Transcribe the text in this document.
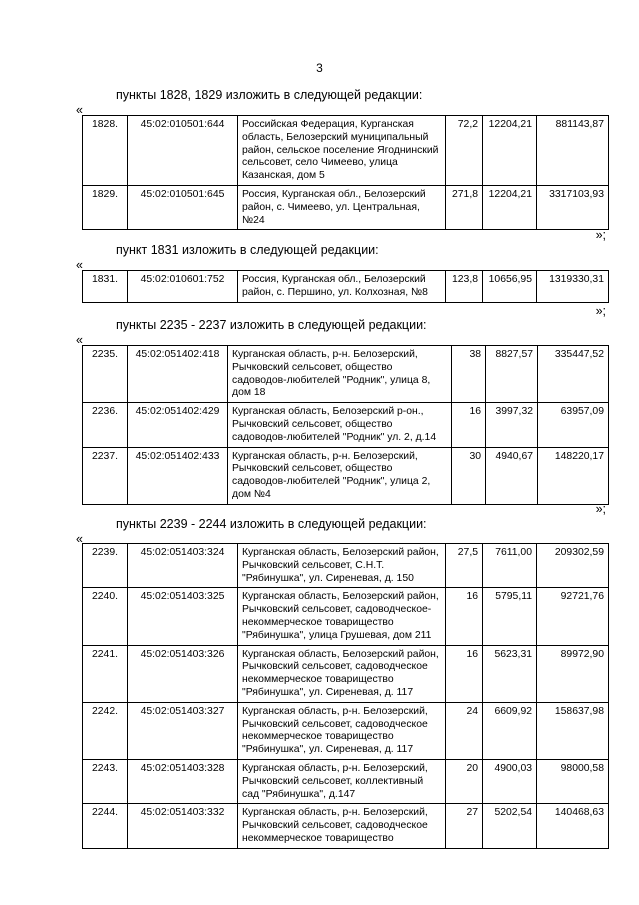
3
пункты 1828, 1829 изложить в следующей редакции:
«
1828.	45:02:010501:644	Российская Федерация, Курганская область, Белозерский муниципальный район, сельское поселение Ягоднинский сельсовет, село Чимеево, улица Казанская, дом 5	72,2	12204,21	881143,87
1829.	45:02:010501:645	Россия, Курганская обл., Белозерский район, с. Чимеево, ул. Центральная, №24	271,8	12204,21	3317103,93
»;
пункт 1831 изложить в следующей редакции:
«
1831.	45:02:010601:752	Россия, Курганская обл., Белозерский район, с. Першино, ул. Колхозная, №8	123,8	10656,95	1319330,31
»;
пункты 2235 - 2237 изложить в следующей редакции:
«
2235.	45:02:051402:418	Курганская область, р-н. Белозерский, Рычковский сельсовет, общество садоводов-любителей "Родник", улица 8, дом 18	38	8827,57	335447,52
2236.	45:02:051402:429	Курганская область, Белозерский р-он., Рычковский сельсовет, общество садоводов-любителей "Родник" ул. 2, д.14	16	3997,32	63957,09
2237.	45:02:051402:433	Курганская область, р-н. Белозерский, Рычковский сельсовет, общество садоводов-любителей "Родник", улица 2, дом №4	30	4940,67	148220,17
»;
пункты 2239 - 2244 изложить в следующей редакции:
«
2239.	45:02:051403:324	Курганская область, Белозерский район, Рычковский сельсовет, С.Н.Т. "Рябинушка", ул. Сиреневая, д. 150	27,5	7611,00	209302,59
2240.	45:02:051403:325	Курганская область, Белозерский район, Рычковский сельсовет, садоводческое-некоммерческое товарищество "Рябинушка", улица Грушевая, дом 211	16	5795,11	92721,76
2241.	45:02:051403:326	Курганская область, Белозерский район, Рычковский сельсовет, садоводческое некоммерческое товарищество "Рябинушка", ул. Сиреневая, д. 117	16	5623,31	89972,90
2242.	45:02:051403:327	Курганская область, р-н. Белозерский, Рычковский сельсовет, садоводческое некоммерческое товарищество "Рябинушка", ул. Сиреневая, д. 117	24	6609,92	158637,98
2243.	45:02:051403:328	Курганская область, р-н. Белозерский, Рычковский сельсовет, коллективный сад "Рябинушка", д.147	20	4900,03	98000,58
2244.	45:02:051403:332	Курганская область, р-н. Белозерский, Рычковский сельсовет, садоводческое некоммерческое товарищество	27	5202,54	140468,63
